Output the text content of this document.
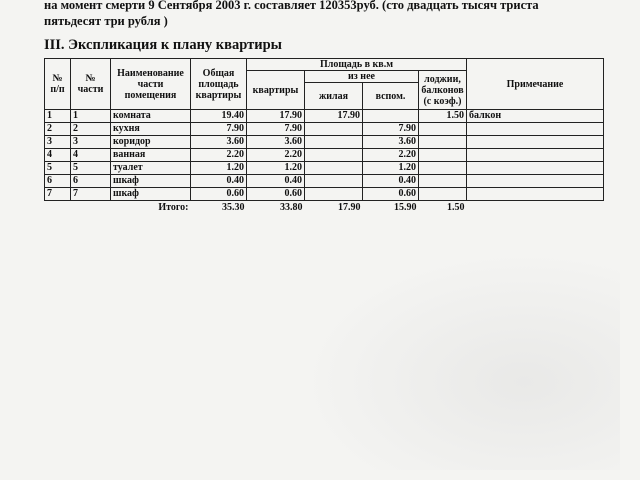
на момент смерти 9 Сентября 2003 г. составляет 120353руб. (сто двадцать тысяч триста
пятьдесят три рубля )
III. Экспликация к плану квартиры
№ п/п	№ части	Наименование части помещения	Общая площадь квартиры	Площадь в кв.м				Примечание
				квартиры	из нее		лоджии, балконов (с коэф.)	
					жилая	вспом.		
1	1	комната	19.40	17.90	17.90		1.50	балкон
2	2	кухня	7.90	7.90		7.90		
3	3	коридор	3.60	3.60		3.60		
4	4	ванная	2.20	2.20		2.20		
5	5	туалет	1.20	1.20		1.20		
6	6	шкаф	0.40	0.40		0.40		
7	7	шкаф	0.60	0.60		0.60		
		Итого:	35.30	33.80	17.90	15.90	1.50	
